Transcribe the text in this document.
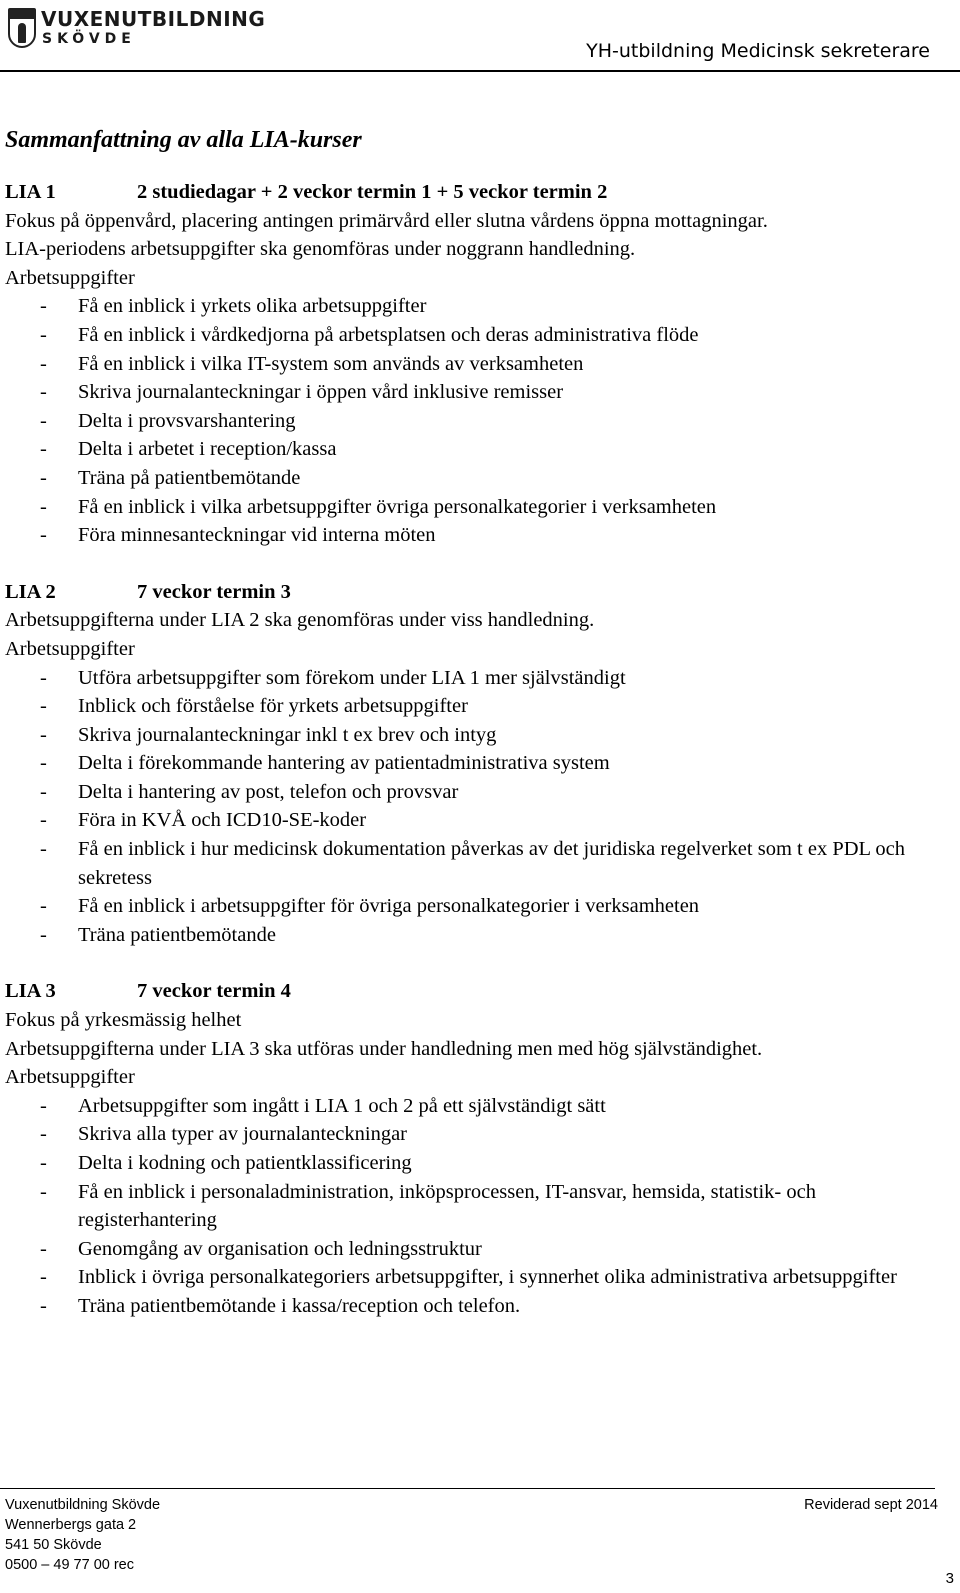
VUXENUTBILDNING
SKÖVDE
YH-utbildning Medicinsk sekreterare

Sammanfattning av alla LIA-kurser

LIA 1	2 studiedagar + 2 veckor termin 1 + 5 veckor termin 2

Fokus på öppenvård, placering antingen primärvård eller slutna vårdens öppna mottagningar.

LIA-periodens arbetsuppgifter ska genomföras under noggrann handledning.

Arbetsuppgifter

- Få en inblick i yrkets olika arbetsuppgifter
- Få en inblick i vårdkedjorna på arbetsplatsen och deras administrativa flöde
- Få en inblick i vilka IT-system som används av verksamheten
- Skriva journalanteckningar i öppen vård inklusive remisser
- Delta i provsvarshantering
- Delta i arbetet i reception/kassa
- Träna på patientbemötande
- Få en inblick i vilka arbetsuppgifter övriga personalkategorier i verksamheten
- Föra minnesanteckningar vid interna möten

LIA 2	7 veckor termin 3

Arbetsuppgifterna under LIA 2 ska genomföras under viss handledning.

Arbetsuppgifter

- Utföra arbetsuppgifter som förekom under LIA 1 mer självständigt
- Inblick och förståelse för yrkets arbetsuppgifter
- Skriva journalanteckningar inkl t ex brev och intyg
- Delta i förekommande hantering av patientadministrativa system
- Delta i hantering av post, telefon och provsvar
- Föra in KVÅ och ICD10-SE-koder
- Få en inblick i hur medicinsk dokumentation påverkas av det juridiska regelverket som t ex PDL och sekretess
- Få en inblick i arbetsuppgifter för övriga personalkategorier i verksamheten
- Träna patientbemötande

LIA 3	7 veckor termin 4

Fokus på yrkesmässig helhet

Arbetsuppgifterna under LIA 3 ska utföras under handledning men med hög självständighet.

Arbetsuppgifter

- Arbetsuppgifter som ingått i LIA 1 och 2 på ett självständigt sätt
- Skriva alla typer av journalanteckningar
- Delta i kodning och patientklassificering
- Få en inblick i personaladministration, inköpsprocessen, IT-ansvar, hemsida, statistik- och registerhantering
- Genomgång av organisation och ledningsstruktur
- Inblick i övriga personalkategoriers arbetsuppgifter, i synnerhet olika administrativa arbetsuppgifter
- Träna patientbemötande i kassa/reception och telefon.
Vuxenutbildning Skövde
Wennerbergs gata 2
541 50 Skövde
0500 – 49 77 00 rec
Reviderad sept 2014
3
